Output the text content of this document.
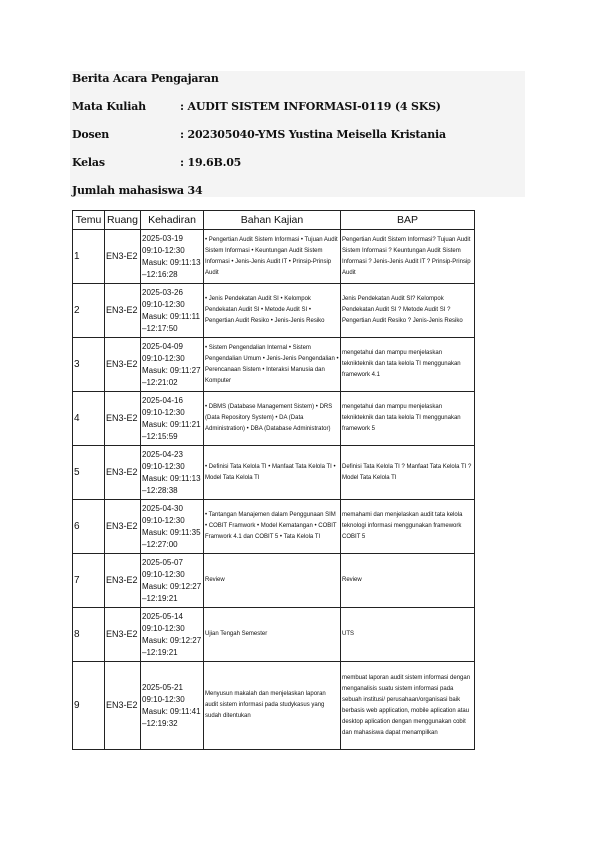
Berita Acara Pengajaran
Mata Kuliah	: AUDIT SISTEM INFORMASI-0119 (4 SKS)
Dosen	: 202305040-YMS Yustina Meisella Kristania
Kelas	: 19.6B.05
Jumlah mahasiswa
: 34
Temu	Ruang	Kehadiran	Bahan Kajian	BAP
1	EN3-E2	2025-03-19 09:10-12:30 Masuk: 09:11:13 –12:16:28	• Pengertian Audit Sistem Informasi • Tujuan Audit Sistem Informasi • Keuntungan Audit Sistem Informasi • Jenis-Jenis Audit IT • Prinsip-Prinsip Audit	Pengertian Audit Sistem Informasi? Tujuan Audit Sistem Informasi ? Keuntungan Audit Sistem Informasi ? Jenis-Jenis Audit IT ? Prinsip-Prinsip Audit
2	EN3-E2	2025-03-26 09:10-12:30 Masuk: 09:11:11 –12:17:50	• Jenis Pendekatan Audit SI • Kelompok Pendekatan Audit SI • Metode Audit SI • Pengertian Audit Resiko • Jenis-Jenis Resiko	Jenis Pendekatan Audit SI? Kelompok Pendekatan Audit SI ? Metode Audit SI ? Pengertian Audit Resiko ? Jenis-Jenis Resiko
3	EN3-E2	2025-04-09 09:10-12:30 Masuk: 09:11:27 –12:21:02	• Sistem Pengendalian Internal • Sistem Pengendalian Umum • Jenis-Jenis Pengendalian • Perencanaan Sistem • Interaksi Manusia dan Komputer	mengetahui dan mampu menjelaskan teknikteknik dan tata kelola TI menggunakan framework 4.1
4	EN3-E2	2025-04-16 09:10-12:30 Masuk: 09:11:21 –12:15:59	• DBMS (Database Management Sistem) • DRS (Data Repository System) • DA (Data Administration) • DBA (Database Administrator)	mengetahui dan mampu menjelaskan teknikteknik dan tata kelola TI menggunakan framework 5
5	EN3-E2	2025-04-23 09:10-12:30 Masuk: 09:11:13 –12:28:38	• Definisi Tata Kelola TI • Manfaat Tata Kelola TI • Model Tata Kelola TI	Definisi Tata Kelola TI ? Manfaat Tata Kelola TI ? Model Tata Kelola TI
6	EN3-E2	2025-04-30 09:10-12:30 Masuk: 09:11:35 –12:27:00	• Tantangan Manajemen dalam Penggunaan SIM • COBIT Framwork • Model Kematangan • COBIT Framwork 4.1 dan COBIT 5 • Tata Kelola TI	memahami dan menjelaskan audit tata kelola teknologi informasi menggunakan framework COBIT 5
7	EN3-E2	2025-05-07 09:10-12:30 Masuk: 09:12:27 –12:19:21	Review	Review
8	EN3-E2	2025-05-14 09:10-12:30 Masuk: 09:12:27 –12:19:21	Ujian Tengah Semester	UTS
9	EN3-E2	2025-05-21 09:10-12:30 Masuk: 09:11:41 –12:19:32	Menyusun makalah dan menjelaskan laporan audit sistem informasi pada studykasus yang sudah ditentukan	membuat laporan audit sistem informasi dengan menganalisis suatu sistem informasi pada sebuah institusi/ perusahaan/organisasi baik berbasis web application, mobile aplication atau desktop aplication dengan menggunakan cobit dan mahasiswa dapat menampilkan
